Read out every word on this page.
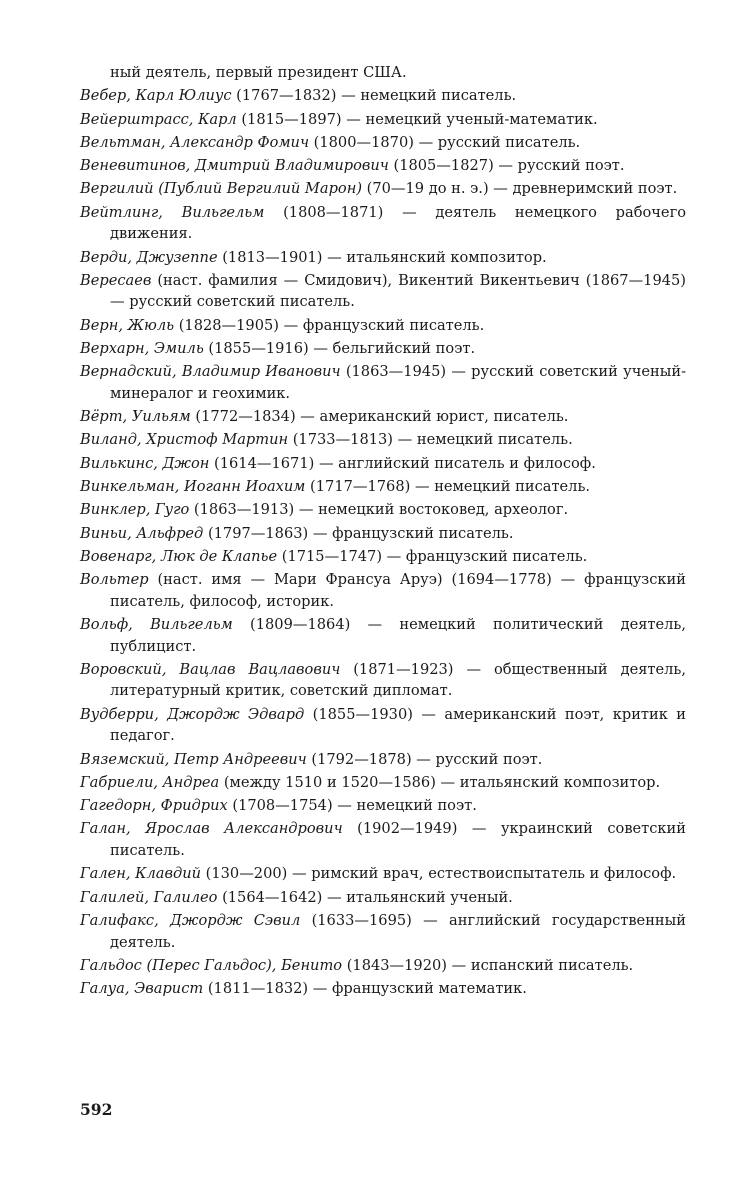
ный деятель, первый президент США.
Вебер, Карл Юлиус (1767—1832) — немецкий писатель.
Вейерштрасс, Карл (1815—1897) — немецкий ученый-математик.
Вельтман, Александр Фомич (1800—1870) — русский писатель.
Веневитинов, Дмитрий Владимирович (1805—1827) — русский поэт.
Вергилий (Публий Вергилий Марон) (70—19 до н. э.) — древнеримский поэт.
Вейтлинг, Вильгельм (1808—1871) — деятель немецкого рабочего движения.
Верди, Джузеппе (1813—1901) — итальянский композитор.
Вересаев (наст. фамилия — Смидович), Викентий Викентьевич (1867—1945) — русский советский писатель.
Верн, Жюль (1828—1905) — французский писатель.
Верхарн, Эмиль (1855—1916) — бельгийский поэт.
Вернадский, Владимир Иванович (1863—1945) — русский советский ученый-минералог и геохимик.
Вёрт, Уильям (1772—1834) — американский юрист, писатель.
Виланд, Христоф Мартин (1733—1813) — немецкий писатель.
Вилькинс, Джон (1614—1671) — английский писатель и философ.
Винкельман, Иоганн Иоахим (1717—1768) — немецкий писатель.
Винклер, Гуго (1863—1913) — немецкий востоковед, археолог.
Виньи, Альфред (1797—1863) — французский писатель.
Вовенарг, Люк де Клапье (1715—1747) — французский писатель.
Вольтер (наст. имя — Мари Франсуа Аруэ) (1694—1778) — французский писатель, философ, историк.
Вольф, Вильгельм (1809—1864) — немецкий политический деятель, публицист.
Воровский, Вацлав Вацлавович (1871—1923) — общественный деятель, литературный критик, советский дипломат.
Вудберри, Джордж Эдвард (1855—1930) — американский поэт, критик и педагог.
Вяземский, Петр Андреевич (1792—1878) — русский поэт.
Габриели, Андреа (между 1510 и 1520—1586) — итальянский композитор.
Гагедорн, Фридрих (1708—1754) — немецкий поэт.
Галан, Ярослав Александрович (1902—1949) — украинский советский писатель.
Гален, Клавдий (130—200) — римский врач, естествоиспытатель и философ.
Галилей, Галилео (1564—1642) — итальянский ученый.
Галифакс, Джордж Сэвил (1633—1695) — английский государственный деятель.
Гальдос (Перес Гальдос), Бенито (1843—1920) — испанский писатель.
Галуа, Эварист (1811—1832) — французский математик.
592
